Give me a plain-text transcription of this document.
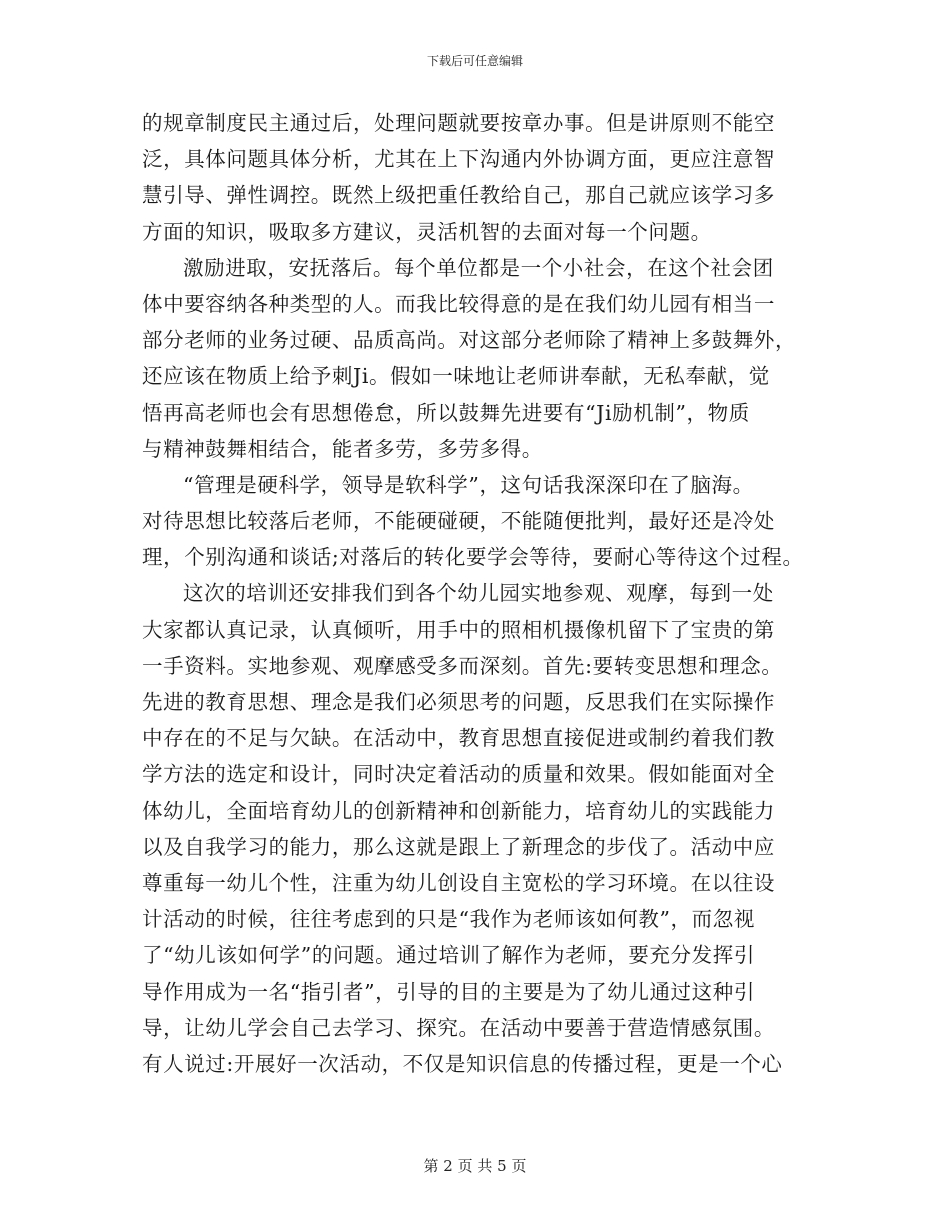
下载后可任意编辑
的规章制度民主通过后，处理问题就要按章办事。但是讲原则不能空
泛，具体问题具体分析，尤其在上下沟通内外协调方面，更应注意智
慧引导、弹性调控。既然上级把重任教给自己，那自己就应该学习多
方面的知识，吸取多方建议，灵活机智的去面对每一个问题。
激励进取，安抚落后。每个单位都是一个小社会，在这个社会团
体中要容纳各种类型的人。而我比较得意的是在我们幼儿园有相当一
部分老师的业务过硬、品质高尚。对这部分老师除了精神上多鼓舞外，
还应该在物质上给予刺Ji。假如一味地让老师讲奉献，无私奉献，觉
悟再高老师也会有思想倦怠，所以鼓舞先进要有“Ji励机制”，物质
与精神鼓舞相结合，能者多劳，多劳多得。
“管理是硬科学，领导是软科学”，这句话我深深印在了脑海。
对待思想比较落后老师，不能硬碰硬，不能随便批判，最好还是冷处
理，个别沟通和谈话;对落后的转化要学会等待，要耐心等待这个过程。
这次的培训还安排我们到各个幼儿园实地参观、观摩，每到一处
大家都认真记录，认真倾听，用手中的照相机摄像机留下了宝贵的第
一手资料。实地参观、观摩感受多而深刻。首先:要转变思想和理念。
先进的教育思想、理念是我们必须思考的问题，反思我们在实际操作
中存在的不足与欠缺。在活动中，教育思想直接促进或制约着我们教
学方法的选定和设计，同时决定着活动的质量和效果。假如能面对全
体幼儿，全面培育幼儿的创新精神和创新能力，培育幼儿的实践能力
以及自我学习的能力，那么这就是跟上了新理念的步伐了。活动中应
尊重每一幼儿个性，注重为幼儿创设自主宽松的学习环境。在以往设
计活动的时候，往往考虑到的只是“我作为老师该如何教”，而忽视
了“幼儿该如何学”的问题。通过培训了解作为老师，要充分发挥引
导作用成为一名“指引者”，引导的目的主要是为了幼儿通过这种引
导，让幼儿学会自己去学习、探究。在活动中要善于营造情感氛围。
有人说过:开展好一次活动，不仅是知识信息的传播过程，更是一个心
第 2 页 共 5 页
